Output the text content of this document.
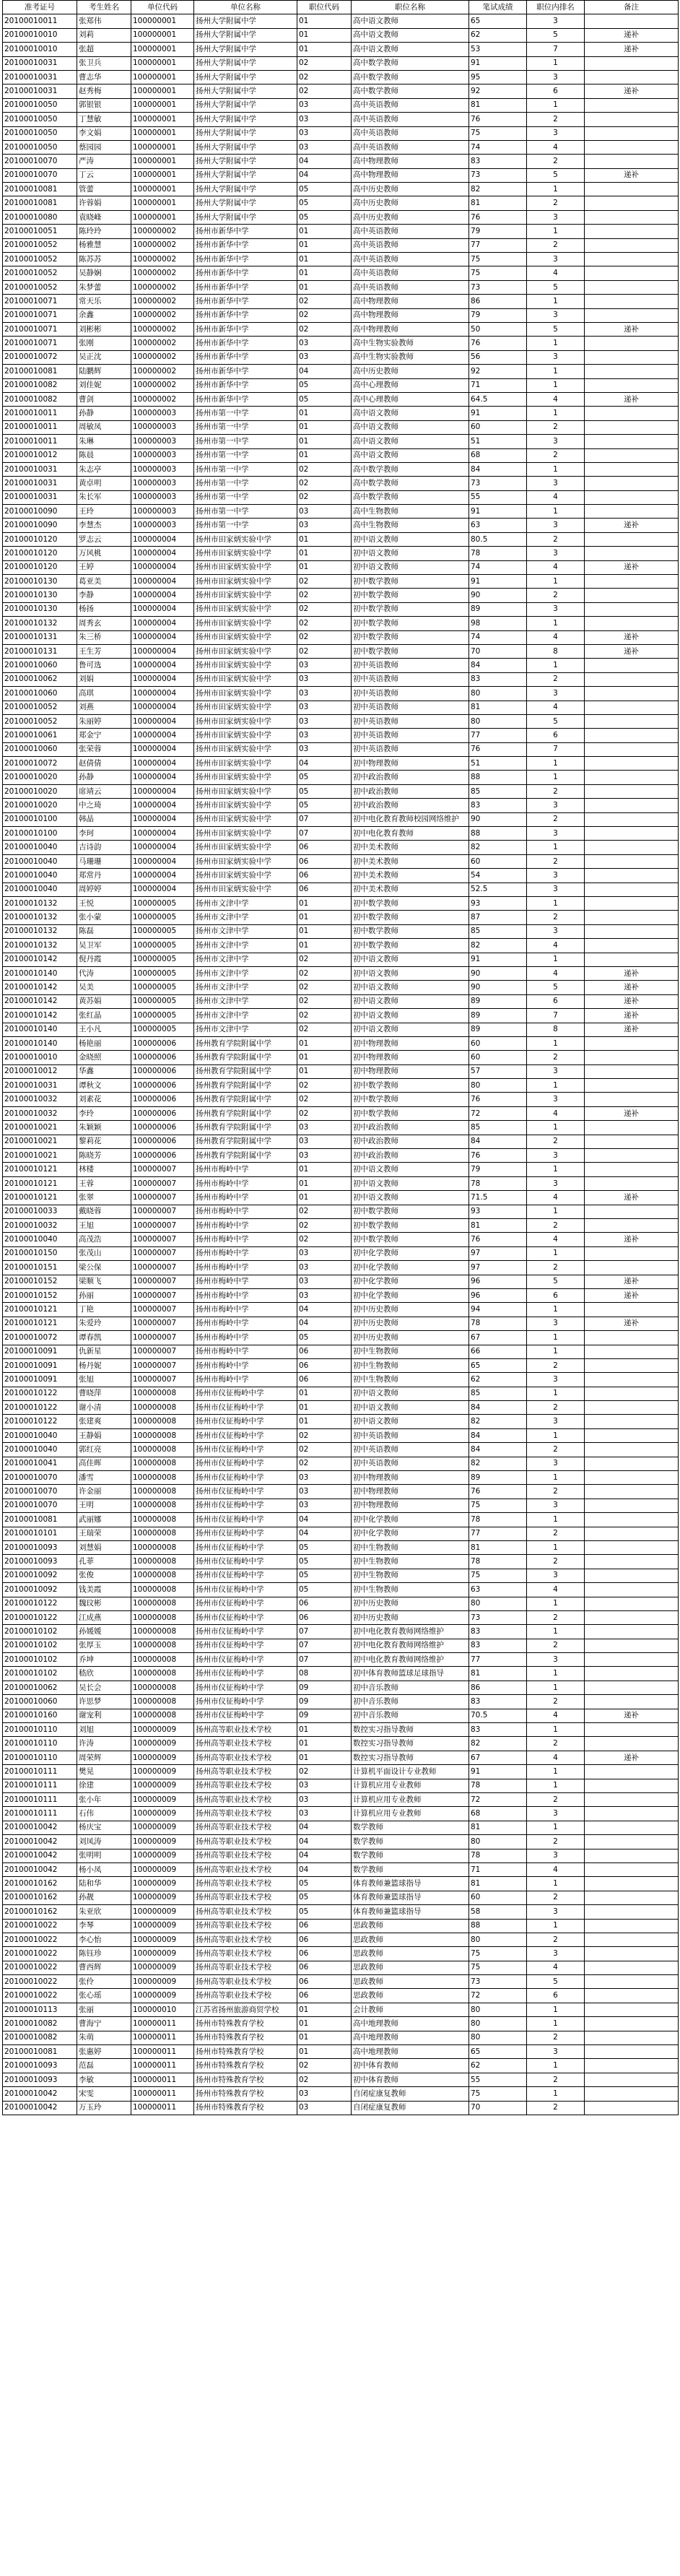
准考证号	考生姓名	单位代码	单位名称	职位代码	职位名称	笔试成绩	职位内排名	备注
20100010011	张郑伟	100000001	扬州大学附属中学	01	高中语文教师	65	3	
20100010010	刘莉	100000001	扬州大学附属中学	01	高中语文教师	62	5	递补
20100010010	张超	100000001	扬州大学附属中学	01	高中语文教师	53	7	递补
20100010031	张卫兵	100000001	扬州大学附属中学	02	高中数学教师	91	1	
20100010031	曹志华	100000001	扬州大学附属中学	02	高中数学教师	95	3	
20100010031	赵秀梅	100000001	扬州大学附属中学	02	高中数学教师	92	6	递补
20100010050	郭银银	100000001	扬州大学附属中学	03	高中英语教师	81	1	
20100010050	丁慧敏	100000001	扬州大学附属中学	03	高中英语教师	76	2	
20100010050	李文娟	100000001	扬州大学附属中学	03	高中英语教师	75	3	
20100010050	蔡园园	100000001	扬州大学附属中学	03	高中英语教师	74	4	
20100010070	严涛	100000001	扬州大学附属中学	04	高中物理教师	83	2	
20100010070	丁云	100000001	扬州大学附属中学	04	高中物理教师	73	5	递补
20100010081	管蕾	100000001	扬州大学附属中学	05	高中历史教师	82	1	
20100010081	许蓉娟	100000001	扬州大学附属中学	05	高中历史教师	81	2	
20100010080	袁晓峰	100000001	扬州大学附属中学	05	高中历史教师	76	3	
20100010051	陈玲玲	100000002	扬州市新华中学	01	高中英语教师	79	1	
20100010052	杨雅慧	100000002	扬州市新华中学	01	高中英语教师	77	2	
20100010052	陈苏苏	100000002	扬州市新华中学	01	高中英语教师	75	3	
20100010052	吴静娴	100000002	扬州市新华中学	01	高中英语教师	75	4	
20100010052	朱梦蕾	100000002	扬州市新华中学	01	高中英语教师	73	5	
20100010071	常天乐	100000002	扬州市新华中学	02	高中物理教师	86	1	
20100010071	余鑫	100000002	扬州市新华中学	02	高中物理教师	79	3	
20100010071	刘彬彬	100000002	扬州市新华中学	02	高中物理教师	50	5	递补
20100010071	张刚	100000002	扬州市新华中学	03	高中生物实验教师	76	1	
20100010072	吴正沈	100000002	扬州市新华中学	03	高中生物实验教师	56	3	
20100010081	陆鹏辉	100000002	扬州市新华中学	04	高中历史教师	92	1	
20100010082	刘佳妮	100000002	扬州市新华中学	05	高中心理教师	71	1	
20100010082	曹剑	100000002	扬州市新华中学	05	高中心理教师	64.5	4	递补
20100010011	孙静	100000003	扬州市第一中学	01	高中语文教师	91	1	
20100010011	周敏凤	100000003	扬州市第一中学	01	高中语文教师	60	2	
20100010011	朱琳	100000003	扬州市第一中学	01	高中语文教师	51	3	
20100010012	陈晨	100000003	扬州市第一中学	01	高中语文教师	68	2	
20100010031	朱志亭	100000003	扬州市第一中学	02	高中数学教师	84	1	
20100010031	黄卓明	100000003	扬州市第一中学	02	高中数学教师	73	3	
20100010031	朱长军	100000003	扬州市第一中学	02	高中数学教师	55	4	
20100010090	王玲	100000003	扬州市第一中学	03	高中生物教师	91	1	
20100010090	李慧杰	100000003	扬州市第一中学	03	高中生物教师	63	3	递补
20100010120	罗志云	100000004	扬州市田家炳实验中学	01	初中语文教师	80.5	2	
20100010120	万风桃	100000004	扬州市田家炳实验中学	01	初中语文教师	78	3	
20100010120	王婷	100000004	扬州市田家炳实验中学	01	初中语文教师	74	4	递补
20100010130	葛亚美	100000004	扬州市田家炳实验中学	02	初中数学教师	91	1	
20100010130	李静	100000004	扬州市田家炳实验中学	02	初中数学教师	90	2	
20100010130	杨扬	100000004	扬州市田家炳实验中学	02	初中数学教师	89	3	
20100010132	周秀玄	100000004	扬州市田家炳实验中学	02	初中数学教师	98	1	
20100010131	朱三桥	100000004	扬州市田家炳实验中学	02	初中数学教师	74	4	递补
20100010131	王生芳	100000004	扬州市田家炳实验中学	02	初中数学教师	70	8	递补
20100010060	鲁可选	100000004	扬州市田家炳实验中学	03	初中英语教师	84	1	
20100010062	刘娟	100000004	扬州市田家炳实验中学	03	初中英语教师	83	2	
20100010060	高琪	100000004	扬州市田家炳实验中学	03	初中英语教师	80	3	
20100010052	刘燕	100000004	扬州市田家炳实验中学	03	初中英语教师	81	4	
20100010052	朱丽婷	100000004	扬州市田家炳实验中学	03	初中英语教师	80	5	
20100010061	郑金宁	100000004	扬州市田家炳实验中学	03	初中英语教师	77	6	
20100010060	张荣蓉	100000004	扬州市田家炳实验中学	03	初中英语教师	76	7	
20100010072	赵倩倩	100000004	扬州市田家炳实验中学	04	初中物理教师	51	1	
20100010020	孙静	100000004	扬州市田家炳实验中学	05	初中政治教师	88	1	
20100010020	席靖云	100000004	扬州市田家炳实验中学	05	初中政治教师	85	2	
20100010020	中之琦	100000004	扬州市田家炳实验中学	05	初中政治教师	83	3	
20100010100	韩晶	100000004	扬州市田家炳实验中学	07	初中电化教育教师校园网络维护	90	2	
20100010100	李珂	100000004	扬州市田家炳实验中学	07	初中电化教育教师	88	3	
20100010040	吉诗韵	100000004	扬州市田家炳实验中学	06	初中美术教师	82	1	
20100010040	马珊珊	100000004	扬州市田家炳实验中学	06	初中美术教师	60	2	
20100010040	郑常丹	100000004	扬州市田家炳实验中学	06	初中美术教师	54	3	
20100010040	周婷婷	100000004	扬州市田家炳实验中学	06	初中美术教师	52.5	3	
20100010132	王悦	100000005	扬州市文津中学	01	初中数学教师	93	1	
20100010132	张小蒙	100000005	扬州市文津中学	01	初中数学教师	87	2	
20100010132	陈磊	100000005	扬州市文津中学	01	初中数学教师	85	3	
20100010132	吴卫军	100000005	扬州市文津中学	01	初中数学教师	82	4	
20100010142	倪丹霞	100000005	扬州市文津中学	02	初中语文教师	91	1	
20100010140	代涛	100000005	扬州市文津中学	02	初中语文教师	90	4	递补
20100010142	吴美	100000005	扬州市文津中学	02	初中语文教师	90	5	递补
20100010142	黄苏娟	100000005	扬州市文津中学	02	初中语文教师	89	6	递补
20100010142	张红晶	100000005	扬州市文津中学	02	初中语文教师	89	7	递补
20100010140	王小凡	100000005	扬州市文津中学	02	初中语文教师	89	8	递补
20100010140	杨艳丽	100000006	扬州教育学院附属中学	01	初中物理教师	60	1	
20100010010	金晓照	100000006	扬州教育学院附属中学	01	初中物理教师	60	2	
20100010012	华鑫	100000006	扬州教育学院附属中学	01	初中物理教师	57	3	
20100010031	谭秋文	100000006	扬州教育学院附属中学	02	初中数学教师	80	1	
20100010032	刘素花	100000006	扬州教育学院附属中学	02	初中数学教师	76	3	
20100010032	李玲	100000006	扬州教育学院附属中学	02	初中数学教师	72	4	递补
20100010021	朱颖颖	100000006	扬州教育学院附属中学	03	初中政治教师	85	1	
20100010021	黎莉花	100000006	扬州教育学院附属中学	03	初中政治教师	84	2	
20100010021	陈晓芳	100000006	扬州教育学院附属中学	03	初中政治教师	76	3	
20100010121	林楼	100000007	扬州市梅岭中学	01	初中语文教师	79	1	
20100010121	王蓉	100000007	扬州市梅岭中学	01	初中语文教师	78	3	
20100010121	张翠	100000007	扬州市梅岭中学	01	初中语文教师	71.5	4	递补
20100010033	戴晓蓉	100000007	扬州市梅岭中学	02	初中数学教师	93	1	
20100010032	王旭	100000007	扬州市梅岭中学	02	初中数学教师	81	2	
20100010040	高茂浩	100000007	扬州市梅岭中学	02	初中数学教师	76	4	递补
20100010150	张茂山	100000007	扬州市梅岭中学	03	初中化学教师	97	1	
20100010151	梁公保	100000007	扬州市梅岭中学	03	初中化学教师	97	2	
20100010152	梁顺飞	100000007	扬州市梅岭中学	03	初中化学教师	96	5	递补
20100010152	孙丽	100000007	扬州市梅岭中学	03	初中化学教师	96	6	递补
20100010121	丁艳	100000007	扬州市梅岭中学	04	初中历史教师	94	1	
20100010121	朱爱玲	100000007	扬州市梅岭中学	04	初中历史教师	78	3	递补
20100010072	谭春凯	100000007	扬州市梅岭中学	05	初中历史教师	67	1	
20100010091	仇新星	100000007	扬州市梅岭中学	06	初中生物教师	66	1	
20100010091	杨丹妮	100000007	扬州市梅岭中学	06	初中生物教师	65	2	
20100010091	张旭	100000007	扬州市梅岭中学	06	初中生物教师	62	3	
20100010122	曹晓萍	100000008	扬州市仪征梅岭中学	01	初中语文教师	85	1	
20100010122	谢小清	100000008	扬州市仪征梅岭中学	01	初中语文教师	84	2	
20100010122	张建爽	100000008	扬州市仪征梅岭中学	01	初中语文教师	82	3	
20100010040	王静娟	100000008	扬州市仪征梅岭中学	02	初中英语教师	84	1	
20100010040	郭红亮	100000008	扬州市仪征梅岭中学	02	初中英语教师	84	2	
20100010041	高佳晖	100000008	扬州市仪征梅岭中学	02	初中英语教师	82	3	
20100010070	潘雪	100000008	扬州市仪征梅岭中学	03	初中物理教师	89	1	
20100010070	许金丽	100000008	扬州市仪征梅岭中学	03	初中物理教师	76	2	
20100010070	王明	100000008	扬州市仪征梅岭中学	03	初中物理教师	75	3	
20100010081	武丽娜	100000008	扬州市仪征梅岭中学	04	初中化学教师	78	1	
20100010101	王瑞荣	100000008	扬州市仪征梅岭中学	04	初中化学教师	77	2	
20100010093	刘慧娟	100000008	扬州市仪征梅岭中学	05	初中生物教师	81	1	
20100010093	孔菲	100000008	扬州市仪征梅岭中学	05	初中生物教师	78	2	
20100010092	张俊	100000008	扬州市仪征梅岭中学	05	初中生物教师	75	3	
20100010092	钱美霞	100000008	扬州市仪征梅岭中学	05	初中生物教师	63	4	
20100010122	魏玟彬	100000008	扬州市仪征梅岭中学	06	初中历史教师	80	1	
20100010122	江成燕	100000008	扬州市仪征梅岭中学	06	初中历史教师	73	2	
20100010102	孙媛媛	100000008	扬州市仪征梅岭中学	07	初中电化教育教师网络维护	83	1	
20100010102	张厚玉	100000008	扬州市仪征梅岭中学	07	初中电化教育教师网络维护	83	2	
20100010102	乔坤	100000008	扬州市仪征梅岭中学	07	初中电化教育教师网络维护	77	3	
20100010102	嵇欣	100000008	扬州市仪征梅岭中学	08	初中体育教师篮球足球指导	81	1	
20100010062	吴长会	100000008	扬州市仪征梅岭中学	09	初中音乐教师	86	1	
20100010060	许思梦	100000008	扬州市仪征梅岭中学	09	初中音乐教师	83	2	
20100010160	谢宠利	100000008	扬州市仪征梅岭中学	09	初中音乐教师	70.5	4	递补
20100010110	刘旭	100000009	扬州高等职业技术学校	01	数控实习指导教师	83	1	
20100010110	许涛	100000009	扬州高等职业技术学校	01	数控实习指导教师	82	2	
20100010110	周荣辉	100000009	扬州高等职业技术学校	01	数控实习指导教师	67	4	递补
20100010111	樊晃	100000009	扬州高等职业技术学校	02	计算机平面设计专业教师	91	1	
20100010111	徐建	100000009	扬州高等职业技术学校	03	计算机应用专业教师	78	1	
20100010111	张小年	100000009	扬州高等职业技术学校	03	计算机应用专业教师	72	2	
20100010111	石伟	100000009	扬州高等职业技术学校	03	计算机应用专业教师	68	3	
20100010042	杨庆宝	100000009	扬州高等职业技术学校	04	数学教师	81	1	
20100010042	刘凤涛	100000009	扬州高等职业技术学校	04	数学教师	80	2	
20100010042	张明明	100000009	扬州高等职业技术学校	04	数学教师	78	3	
20100010042	杨小凤	100000009	扬州高等职业技术学校	04	数学教师	71	4	
20100010162	陆和华	100000009	扬州高等职业技术学校	05	体育教师兼篮球指导	81	1	
20100010162	孙靓	100000009	扬州高等职业技术学校	05	体育教师兼篮球指导	60	2	
20100010162	朱亚欣	100000009	扬州高等职业技术学校	05	体育教师兼篮球指导	58	3	
20100010022	李琴	100000009	扬州高等职业技术学校	06	思政教师	88	1	
20100010022	李心怡	100000009	扬州高等职业技术学校	06	思政教师	80	2	
20100010022	陈钰珍	100000009	扬州高等职业技术学校	06	思政教师	75	3	
20100010022	曹西辉	100000009	扬州高等职业技术学校	06	思政教师	75	4	
20100010022	张伶	100000009	扬州高等职业技术学校	06	思政教师	73	5	
20100010022	张心瑶	100000009	扬州高等职业技术学校	06	思政教师	72	6	
20100010113	张丽	100000010	江苏省扬州旅游商贸学校	01	会计教师	80	1	
20100010082	曹海宁	100000011	扬州市特殊教育学校	01	高中地理教师	80	1	
20100010082	朱萌	100000011	扬州市特殊教育学校	01	高中地理教师	80	2	
20100010081	张惠婷	100000011	扬州市特殊教育学校	01	高中地理教师	65	3	
20100010093	范磊	100000011	扬州市特殊教育学校	02	初中体育教师	62	1	
20100010093	李敏	100000011	扬州市特殊教育学校	02	初中体育教师	55	2	
20100010042	宋雯	100000011	扬州市特殊教育学校	03	自闭症康复教师	75	1	
20100010042	万玉玲	100000011	扬州市特殊教育学校	03	自闭症康复教师	70	2	
